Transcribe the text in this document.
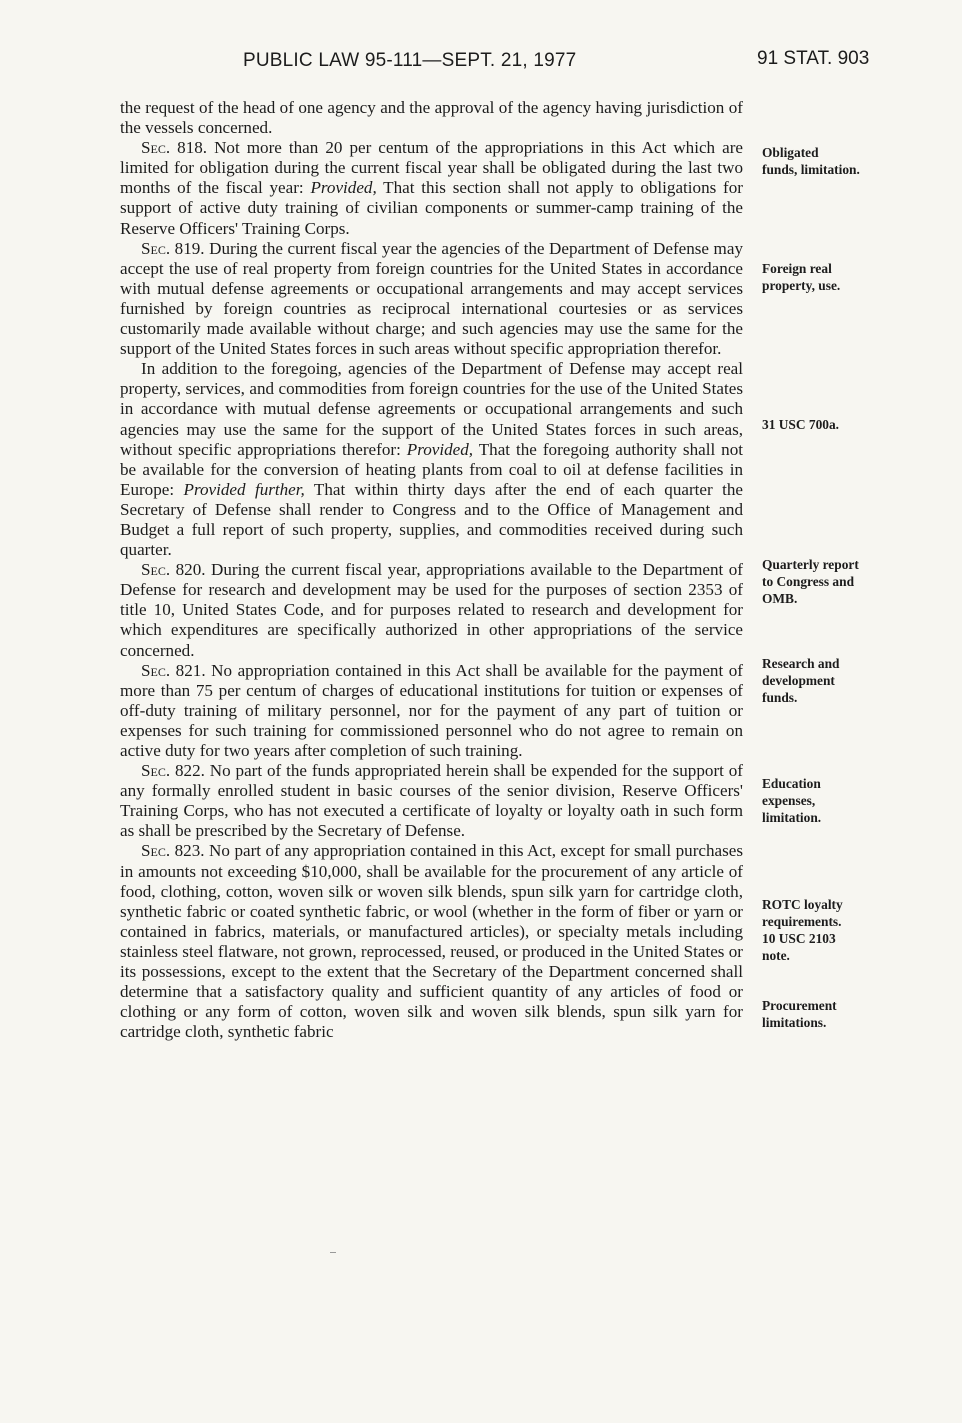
PUBLIC LAW 95-111—SEPT. 21, 1977	91 STAT. 903

the request of the head of one agency and the approval of the agency having jurisdiction of the vessels concerned.

Sec. 818. Not more than 20 per centum of the appropriations in this Act which are limited for obligation during the current fiscal year shall be obligated during the last two months of the fiscal year: Provided, That this section shall not apply to obligations for support of active duty training of civilian components or summer-camp training of the Reserve Officers' Training Corps.

Sec. 819. During the current fiscal year the agencies of the Department of Defense may accept the use of real property from foreign countries for the United States in accordance with mutual defense agreements or occupational arrangements and may accept services furnished by foreign countries as reciprocal international courtesies or as services customarily made available without charge; and such agencies may use the same for the support of the United States forces in such areas without specific appropriation therefor.

In addition to the foregoing, agencies of the Department of Defense may accept real property, services, and commodities from foreign countries for the use of the United States in accordance with mutual defense agreements or occupational arrangements and such agencies may use the same for the support of the United States forces in such areas, without specific appropriations therefor: Provided, That the foregoing authority shall not be available for the conversion of heating plants from coal to oil at defense facilities in Europe: Provided further, That within thirty days after the end of each quarter the Secretary of Defense shall render to Congress and to the Office of Management and Budget a full report of such property, supplies, and commodities received during such quarter.

Sec. 820. During the current fiscal year, appropriations available to the Department of Defense for research and development may be used for the purposes of section 2353 of title 10, United States Code, and for purposes related to research and development for which expenditures are specifically authorized in other appropriations of the service concerned.

Sec. 821. No appropriation contained in this Act shall be available for the payment of more than 75 per centum of charges of educational institutions for tuition or expenses of off-duty training of military personnel, nor for the payment of any part of tuition or expenses for such training for commissioned personnel who do not agree to remain on active duty for two years after completion of such training.

Sec. 822. No part of the funds appropriated herein shall be expended for the support of any formally enrolled student in basic courses of the senior division, Reserve Officers' Training Corps, who has not executed a certificate of loyalty or loyalty oath in such form as shall be prescribed by the Secretary of Defense.

Sec. 823. No part of any appropriation contained in this Act, except for small purchases in amounts not exceeding $10,000, shall be available for the procurement of any article of food, clothing, cotton, woven silk or woven silk blends, spun silk yarn for cartridge cloth, synthetic fabric or coated synthetic fabric, or wool (whether in the form of fiber or yarn or contained in fabrics, materials, or manufactured articles), or specialty metals including stainless steel flatware, not grown, reprocessed, reused, or produced in the United States or its possessions, except to the extent that the Secretary of the Department concerned shall determine that a satisfactory quality and sufficient quantity of any articles of food or clothing or any form of cotton, woven silk and woven silk blends, spun silk yarn for cartridge cloth, synthetic fabric

Obligated
funds, limitation.
Foreign real
property, use.
31 USC 700a.
Quarterly report
to Congress and
OMB.
Research and
development
funds.
Education
expenses,
limitation.
ROTC loyalty
requirements.
10 USC 2103
note.
Procurement
limitations.
